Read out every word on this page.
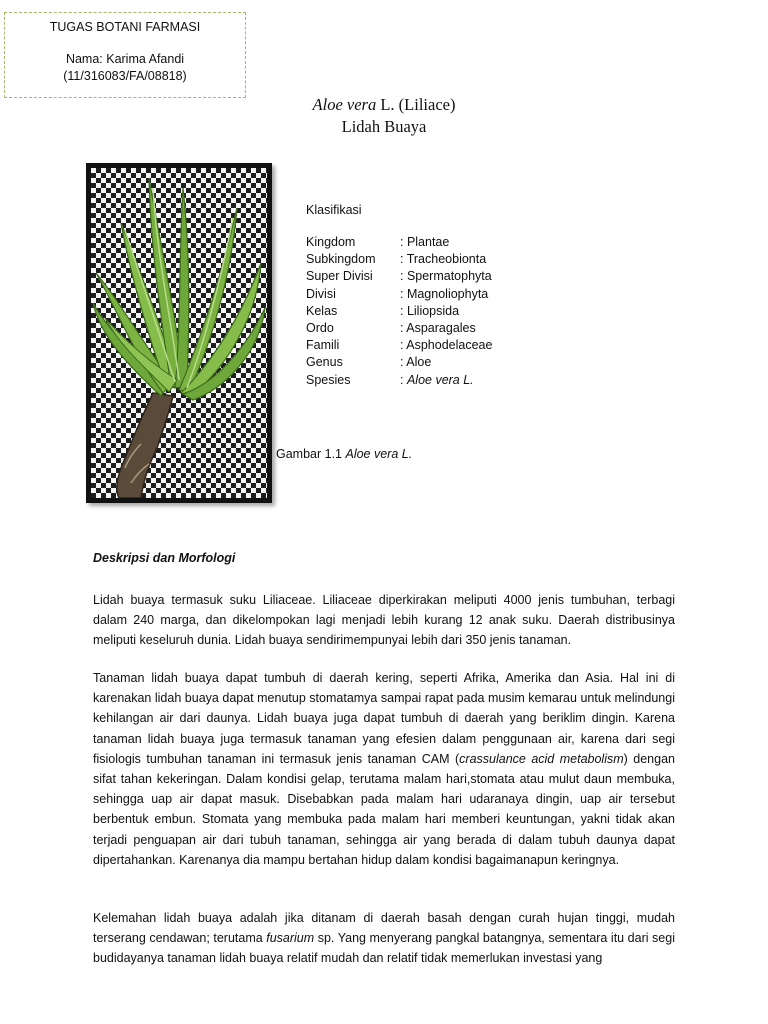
TUGAS BOTANI FARMASI
Nama: Karima Afandi
(11/316083/FA/08818)
Aloe vera L. (Liliace)
Lidah Buaya
Klasifikasi
Kingdom	: Plantae
Subkingdom	: Tracheobionta
Super Divisi	: Spermatophyta
Divisi	: Magnoliophyta
Kelas	: Liliopsida
Ordo	: Asparagales
Famili	: Asphodelaceae
Genus	: Aloe
Spesies	: Aloe vera L.
Gambar 1.1 Aloe vera L.
Deskripsi dan Morfologi

Lidah buaya termasuk suku Liliaceae. Liliaceae diperkirakan meliputi 4000 jenis tumbuhan, terbagi dalam 240 marga, dan dikelompokan lagi menjadi lebih kurang 12 anak suku. Daerah distribusinya meliputi keseluruh dunia. Lidah buaya sendirimempunyai lebih dari 350 jenis tanaman.

Tanaman lidah buaya dapat tumbuh di daerah kering, seperti Afrika, Amerika dan Asia. Hal ini di karenakan lidah buaya dapat menutup stomatamya sampai rapat pada musim kemarau untuk melindungi kehilangan air dari daunya. Lidah buaya juga dapat tumbuh di daerah yang beriklim dingin. Karena tanaman lidah buaya juga termasuk tanaman yang efesien dalam penggunaan air, karena dari segi fisiologis tumbuhan tanaman ini termasuk jenis tanaman CAM (crassulance acid metabolism) dengan sifat tahan kekeringan. Dalam kondisi gelap, terutama malam hari,stomata atau mulut daun membuka, sehingga uap air dapat masuk. Disebabkan pada malam hari udaranaya dingin, uap air tersebut berbentuk embun. Stomata yang membuka pada malam hari memberi keuntungan, yakni tidak akan terjadi penguapan air dari tubuh tanaman, sehingga air yang berada di dalam tubuh daunya dapat dipertahankan. Karenanya dia mampu bertahan hidup dalam kondisi bagaimanapun keringnya.

Kelemahan lidah buaya adalah jika ditanam di daerah basah dengan curah hujan tinggi, mudah terserang cendawan; terutama fusarium sp. Yang menyerang pangkal batangnya, sementara itu dari segi budidayanya tanaman lidah buaya relatif mudah dan relatif tidak memerlukan investasi yang
